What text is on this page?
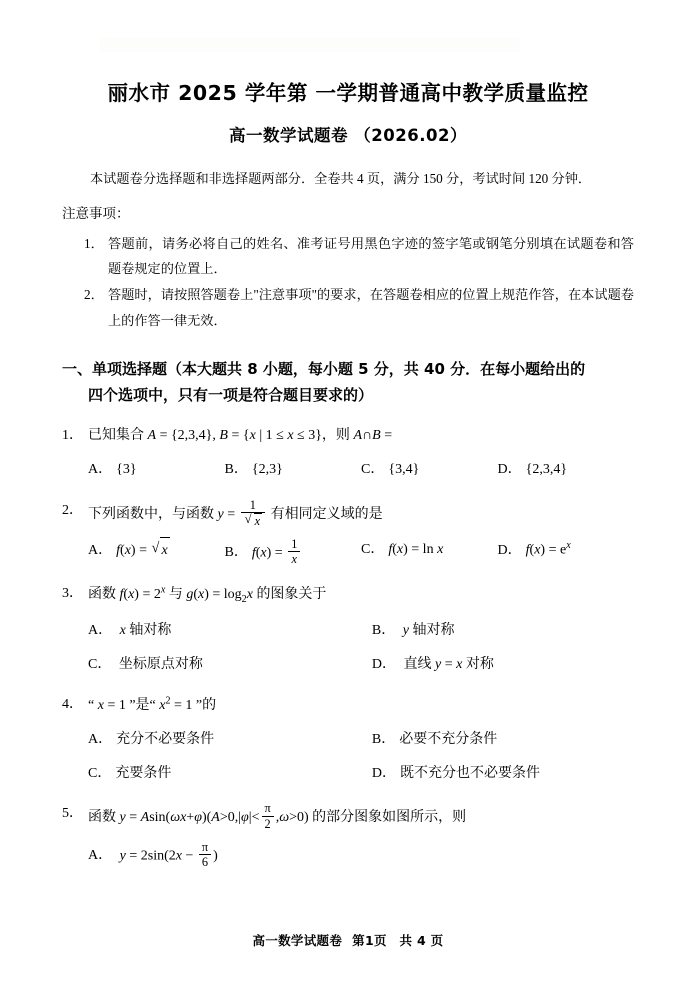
丽水市 2025 学年第 一学期普通高中教学质量监控
高一数学试题卷 （2026.02）
本试题卷分选择题和非选择题两部分．全卷共 4 页，满分 150 分，考试时间 120 分钟．
注意事项：
1． 答题前，请务必将自己的姓名、准考证号用黑色字迹的签字笔或钢笔分别填在试题卷和答题卷规定的位置上．
2． 答题时，请按照答题卷上"注意事项"的要求，在答题卷相应的位置上规范作答，在本试题卷上的作答一律无效．
一、单项选择题（本大题共 8 小题，每小题 5 分，共 40 分．在每小题给出的
四个选项中，只有一项是符合题目要求的）
1． 已知集合 A = {2,3,4}, B = {x | 1 ≤ x ≤ 3}，则 A∩B =
A． {3}	B． {2,3}	C． {3,4}	D． {2,3,4}
2． 下列函数中，与函数 y = 1
√ x 有相同定义域的是
A． f(x) = √ x	B． $f(x) = \frac{1}{x}$	C． f(x) = ln x	D． $f(x) = e^x$
3． 函数 $f(x) = 2^x$ 与 $g(x) = \log_2x$ 的图象关于
A． x 轴对称	B． y 轴对称
C． 坐标原点对称	D． 直线 y = x 对称
4． “ x = 1 ”是“ $x^2 = 1$ ”的
A． 充分不必要条件	B． 必要不充分条件
C． 充要条件	D． 既不充分也不必要条件
5． 函数 $y = Asin(\omega x+\varphi)(A>0,|\varphi|< \frac{\pi}{2} ,\omega>0)$ 的部分图象如图所示，则
A． $y = 2\sin(2x - \frac{\pi}{6}$ )
高一数学试题卷 第1页　共 4 页
